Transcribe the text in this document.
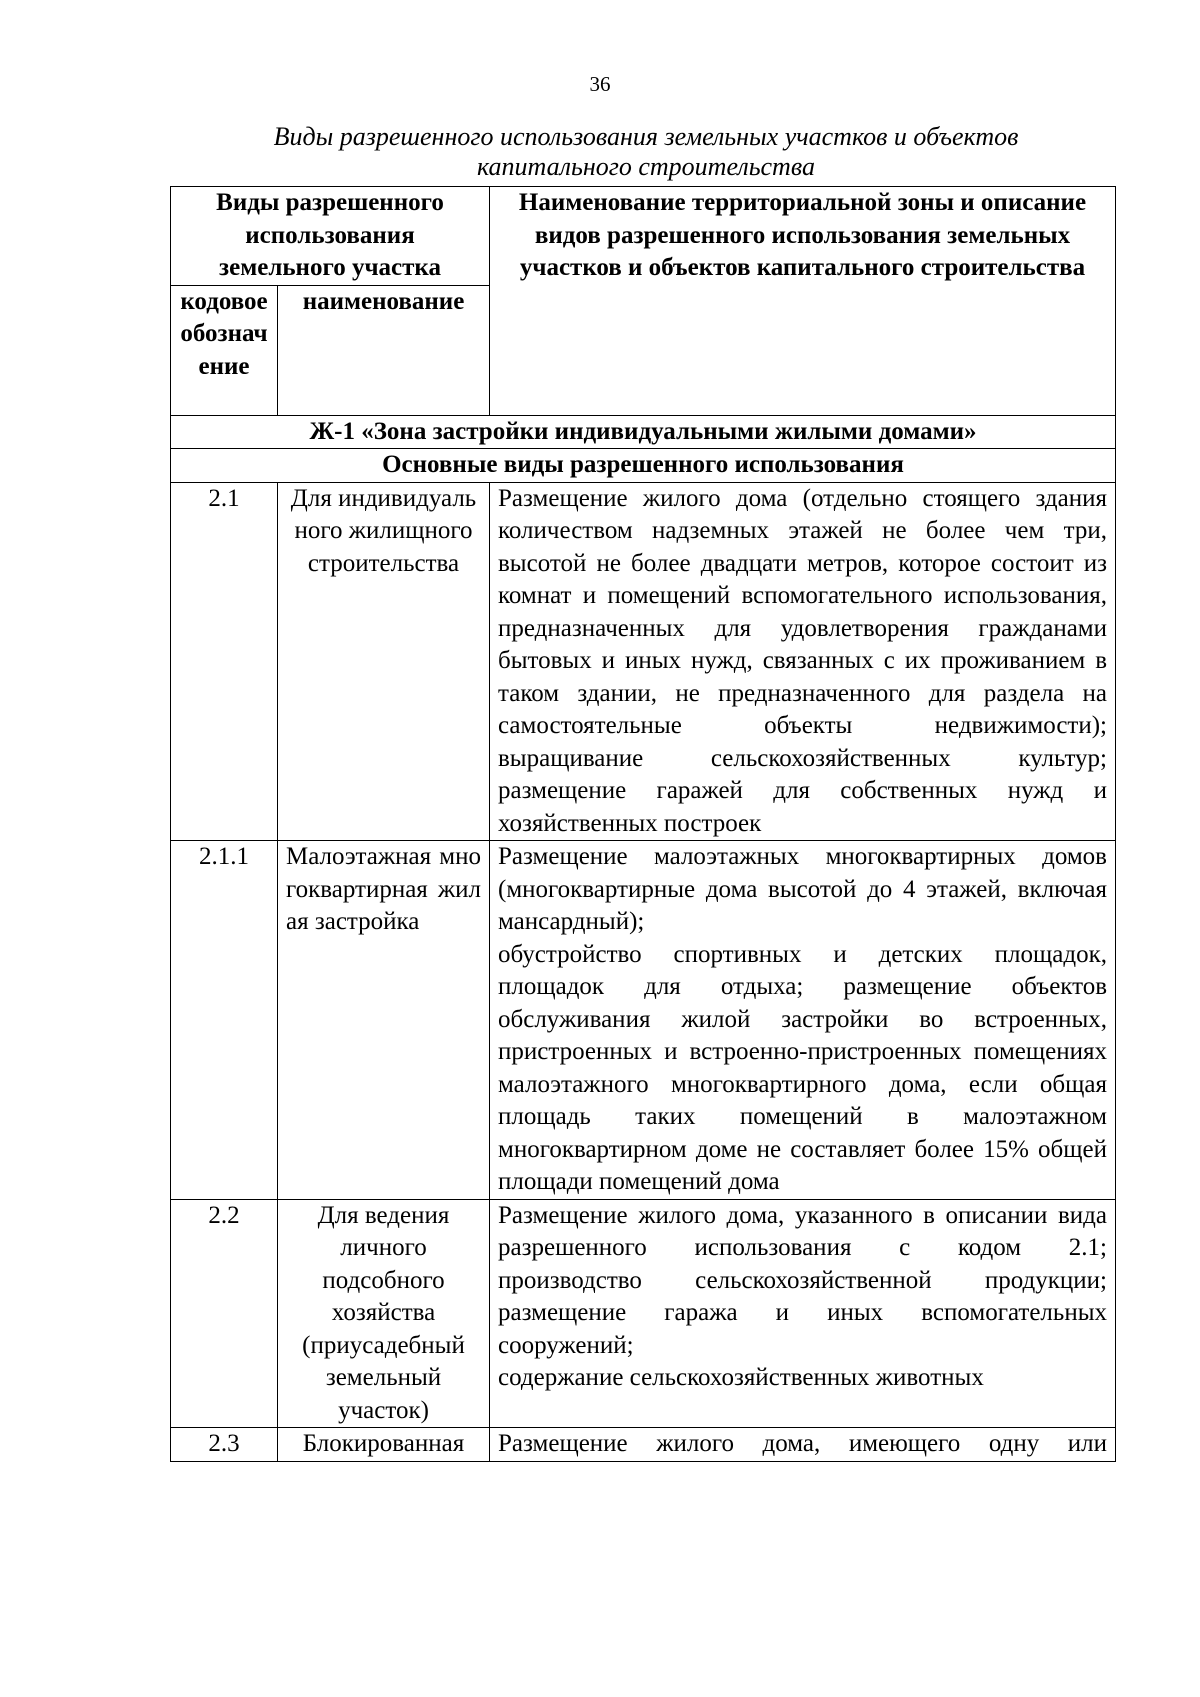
36
Виды разрешенного использования земельных участков и объектов
капитального строительства
Виды разрешенного использования земельного участка		Наименование территориальной зоны и описание видов разрешенного использования земельных участков и объектов капитального строительства
кодовое обозначение	наименование	
Ж-1 «Зона застройки индивидуальными жилыми домами»		
Основные виды разрешенного использования		
2.1	Для индивидуального жилищного строительства	Размещение жилого дома (отдельно стоящего здания количеством надземных этажей не более чем три, высотой не более двадцати метров, которое состоит из комнат и помещений вспомогательного использования, предназначенных для удовлетворения гражданами бытовых и иных нужд, связанных с их проживанием в таком здании, не предназначенного для раздела на самостоятельные объекты недвижимости);
выращивание сельскохозяйственных культур;
размещение гаражей для собственных нужд и хозяйственных построек

2.1.1	Малоэтажная многоквартирная жилая застройка	Размещение малоэтажных многоквартирных домов (многоквартирные дома высотой до 4 этажей, включая мансардный);
обустройство спортивных и детских площадок, площадок для отдыха; размещение объектов обслуживания жилой застройки во встроенных, пристроенных и встроенно-пристроенных помещениях малоэтажного многоквартирного дома, если общая площадь таких помещений в малоэтажном многоквартирном доме не составляет более 15% общей площади помещений дома

2.2	Для ведения личного подсобного хозяйства (приусадебный земельный участок)	Размещение жилого дома, указанного в описании вида разрешенного использования с кодом 2.1;
производство сельскохозяйственной продукции;
размещение гаража и иных вспомогательных сооружений;
содержание сельскохозяйственных животных

2.3	Блокированная	Размещение жилого дома, имеющего одну или
